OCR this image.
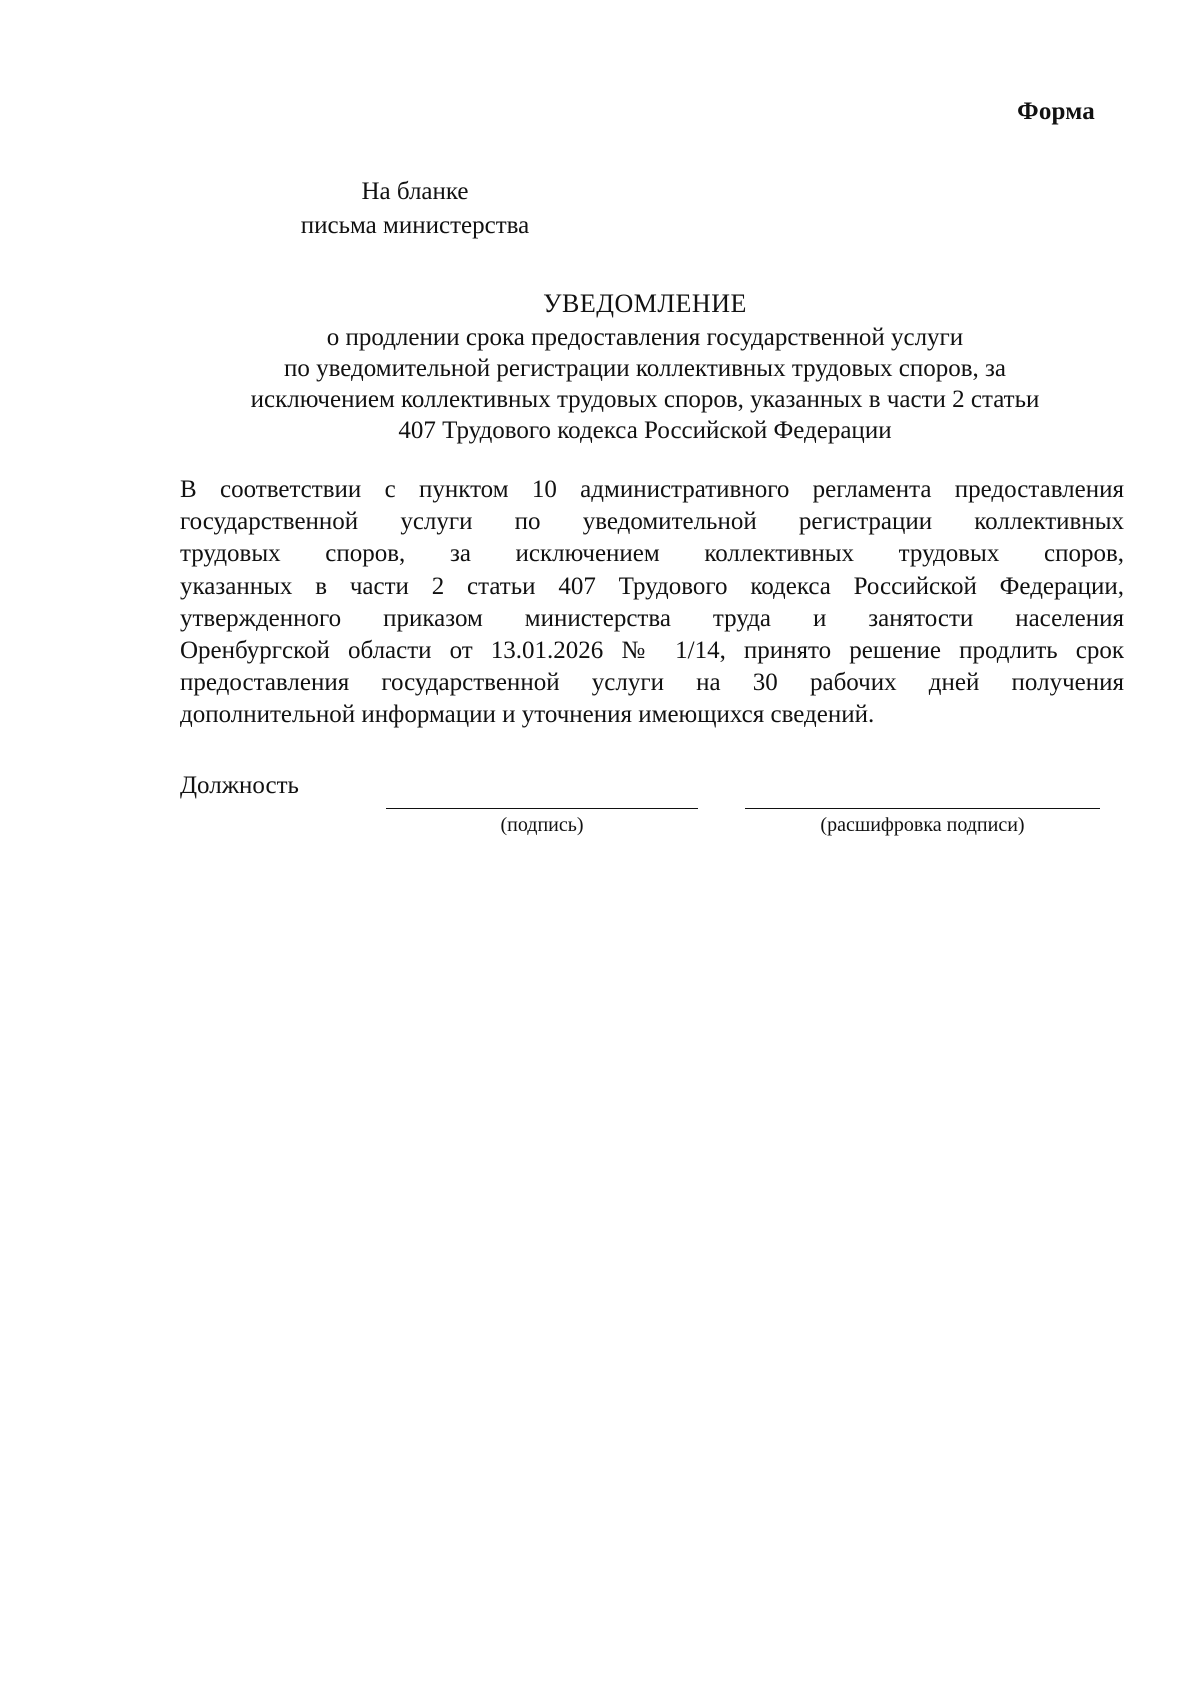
Форма
На бланке
письма министерства
УВЕДОМЛЕНИЕ
о продлении срока предоставления государственной услуги
по уведомительной регистрации коллективных трудовых споров, за
исключением коллективных трудовых споров, указанных в части 2 статьи
407 Трудового кодекса Российской Федерации
В соответствии с пунктом 10 административного регламента предоставления
государственной услуги по уведомительной регистрации коллективных
трудовых споров, за исключением коллективных трудовых споров,
указанных в части 2 статьи 407 Трудового кодекса Российской Федерации,
утвержденного приказом министерства труда и занятости населения
Оренбургской области от 13.01.2026 № 1/14, принято решение продлить срок
предоставления государственной услуги на 30 рабочих дней получения
дополнительной информации и уточнения имеющихся сведений.
Должность
(подпись)	(расшифровка подписи)
